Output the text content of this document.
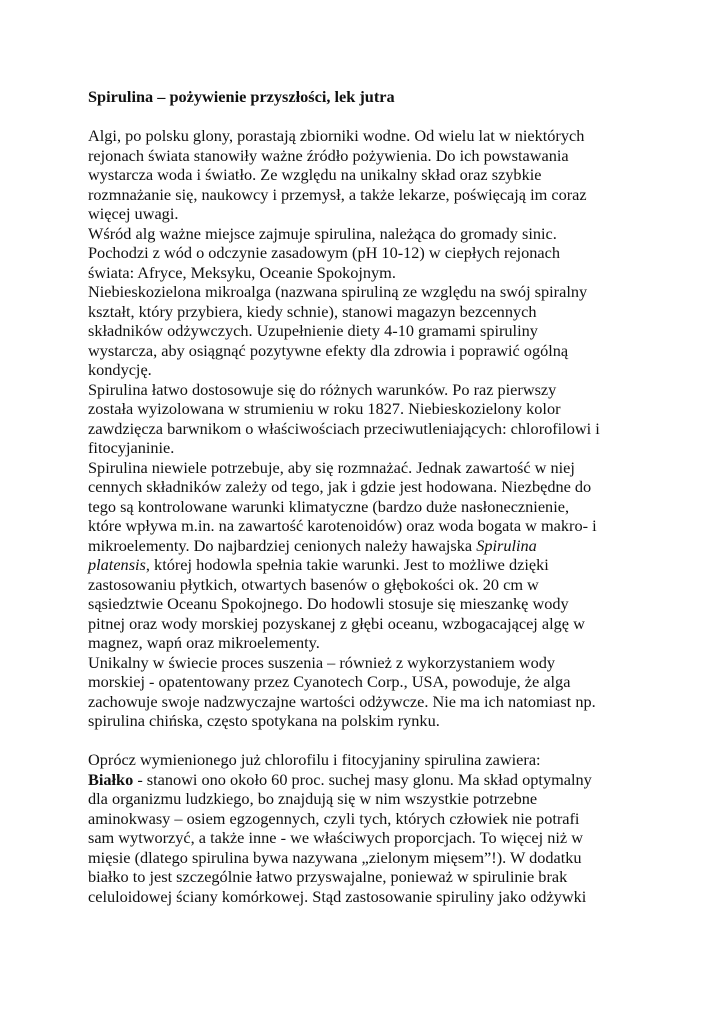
Spirulina – pożywienie przyszłości, lek jutra
Algi, po polsku glony, porastają zbiorniki wodne. Od wielu lat w niektórych
rejonach świata stanowiły ważne źródło pożywienia. Do ich powstawania
wystarcza woda i światło. Ze względu na unikalny skład oraz szybkie
rozmnażanie się, naukowcy i przemysł, a także lekarze, poświęcają im coraz
więcej uwagi.
Wśród alg ważne miejsce zajmuje spirulina, należąca do gromady sinic.
Pochodzi z wód o odczynie zasadowym (pH 10-12) w ciepłych rejonach
świata: Afryce, Meksyku, Oceanie Spokojnym.
Niebieskozielona mikroalga (nazwana spiruliną ze względu na swój spiralny
kształt, który przybiera, kiedy schnie), stanowi magazyn bezcennych
składników odżywczych. Uzupełnienie diety 4-10 gramami spiruliny
wystarcza, aby osiągnąć pozytywne efekty dla zdrowia i poprawić ogólną
kondycję.
Spirulina łatwo dostosowuje się do różnych warunków. Po raz pierwszy
została wyizolowana w strumieniu w roku 1827. Niebieskozielony kolor
zawdzięcza barwnikom o właściwościach przeciwutleniających: chlorofilowi i
fitocyjaninie.
Spirulina niewiele potrzebuje, aby się rozmnażać. Jednak zawartość w niej
cennych składników zależy od tego, jak i gdzie jest hodowana. Niezbędne do
tego są kontrolowane warunki klimatyczne (bardzo duże nasłonecznienie,
które wpływa m.in. na zawartość karotenoidów) oraz woda bogata w makro- i
mikroelementy. Do najbardziej cenionych należy hawajska Spirulina
platensis, której hodowla spełnia takie warunki. Jest to możliwe dzięki
zastosowaniu płytkich, otwartych basenów o głębokości ok. 20 cm w
sąsiedztwie Oceanu Spokojnego. Do hodowli stosuje się mieszankę wody
pitnej oraz wody morskiej pozyskanej z głębi oceanu, wzbogacającej algę w
magnez, wapń oraz mikroelementy.
Unikalny w świecie proces suszenia – również z wykorzystaniem wody
morskiej - opatentowany przez Cyanotech Corp., USA, powoduje, że alga
zachowuje swoje nadzwyczajne wartości odżywcze. Nie ma ich natomiast np.
spirulina chińska, często spotykana na polskim rynku.
Oprócz wymienionego już chlorofilu i fitocyjaniny spirulina zawiera:
Białko - stanowi ono około 60 proc. suchej masy glonu. Ma skład optymalny
dla organizmu ludzkiego, bo znajdują się w nim wszystkie potrzebne
aminokwasy – osiem egzogennych, czyli tych, których człowiek nie potrafi
sam wytworzyć, a także inne - we właściwych proporcjach. To więcej niż w
mięsie (dlatego spirulina bywa nazywana „zielonym mięsem”!). W dodatku
białko to jest szczególnie łatwo przyswajalne, ponieważ w spirulinie brak
celuloidowej ściany komórkowej. Stąd zastosowanie spiruliny jako odżywki
